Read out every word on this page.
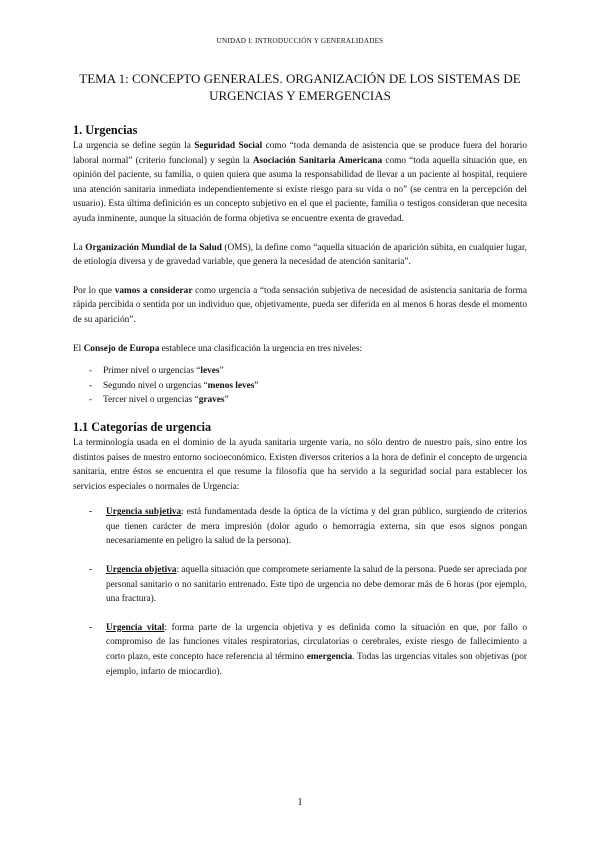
UNIDAD I: INTRODUCCIÓN Y GENERALIDADES
TEMA 1: CONCEPTO GENERALES. ORGANIZACIÓN DE LOS SISTEMAS DE URGENCIAS Y EMERGENCIAS
1. Urgencias

La urgencia se define según la Seguridad Social como “toda demanda de asistencia que se produce fuera del horario laboral normal” (criterio funcional) y según la Asociación Sanitaria Americana como “toda aquella situación que, en opinión del paciente, su familia, o quien quiera que asuma la responsabilidad de llevar a un paciente al hospital, requiere una atención sanitaria inmediata independientemente si existe riesgo para su vida o no” (se centra en la percepción del usuario). Esta última definición es un concepto subjetivo en el que el paciente, familia o testigos consideran que necesita ayuda inminente, aunque la situación de forma objetiva se encuentre exenta de gravedad.

La Organización Mundial de la Salud (OMS), la define como “aquella situación de aparición súbita, en cualquier lugar, de etiología diversa y de gravedad variable, que genera la necesidad de atención sanitaria”.

Por lo que vamos a considerar como urgencia a “toda sensación subjetiva de necesidad de asistencia sanitaria de forma rápida percibida o sentida por un individuo que, objetivamente, pueda ser diferida en al menos 6 horas desde el momento de su aparición”.

El Consejo de Europa establece una clasificación la urgencia en tres niveles:

- Primer nivel o urgencias “leves”
- Segundo nivel o urgencias “menos leves”
- Tercer nivel o urgencias “graves”
1.1 Categorías de urgencia

La terminología usada en el dominio de la ayuda sanitaria urgente varía, no sólo dentro de nuestro país, sino entre los distintos países de nuestro entorno socioeconómico. Existen diversos criterios a la hora de definir el concepto de urgencia sanitaria, entre éstos se encuentra el que resume la filosofía que ha servido a la seguridad social para establecer los servicios especiales o normales de Urgencia:

- Urgencia subjetiva: está fundamentada desde la óptica de la víctima y del gran público, surgiendo de criterios que tienen carácter de mera impresión (dolor agudo o hemorragia externa, sin que esos signos pongan necesariamente en peligro la salud de la persona).
- Urgencia objetiva: aquella situación que compromete seriamente la salud de la persona. Puede ser apreciada por personal sanitario o no sanitario entrenado. Este tipo de urgencia no debe demorar más de 6 horas (por ejemplo, una fractura).
- Urgencia vital: forma parte de la urgencia objetiva y es definida como la situación en que, por fallo o compromiso de las funciones vitales respiratorias, circulatorias o cerebrales, existe riesgo de fallecimiento a corto plazo, este concepto hace referencia al término emergencia. Todas las urgencias vitales son objetivas (por ejemplo, infarto de miocardio).
1
